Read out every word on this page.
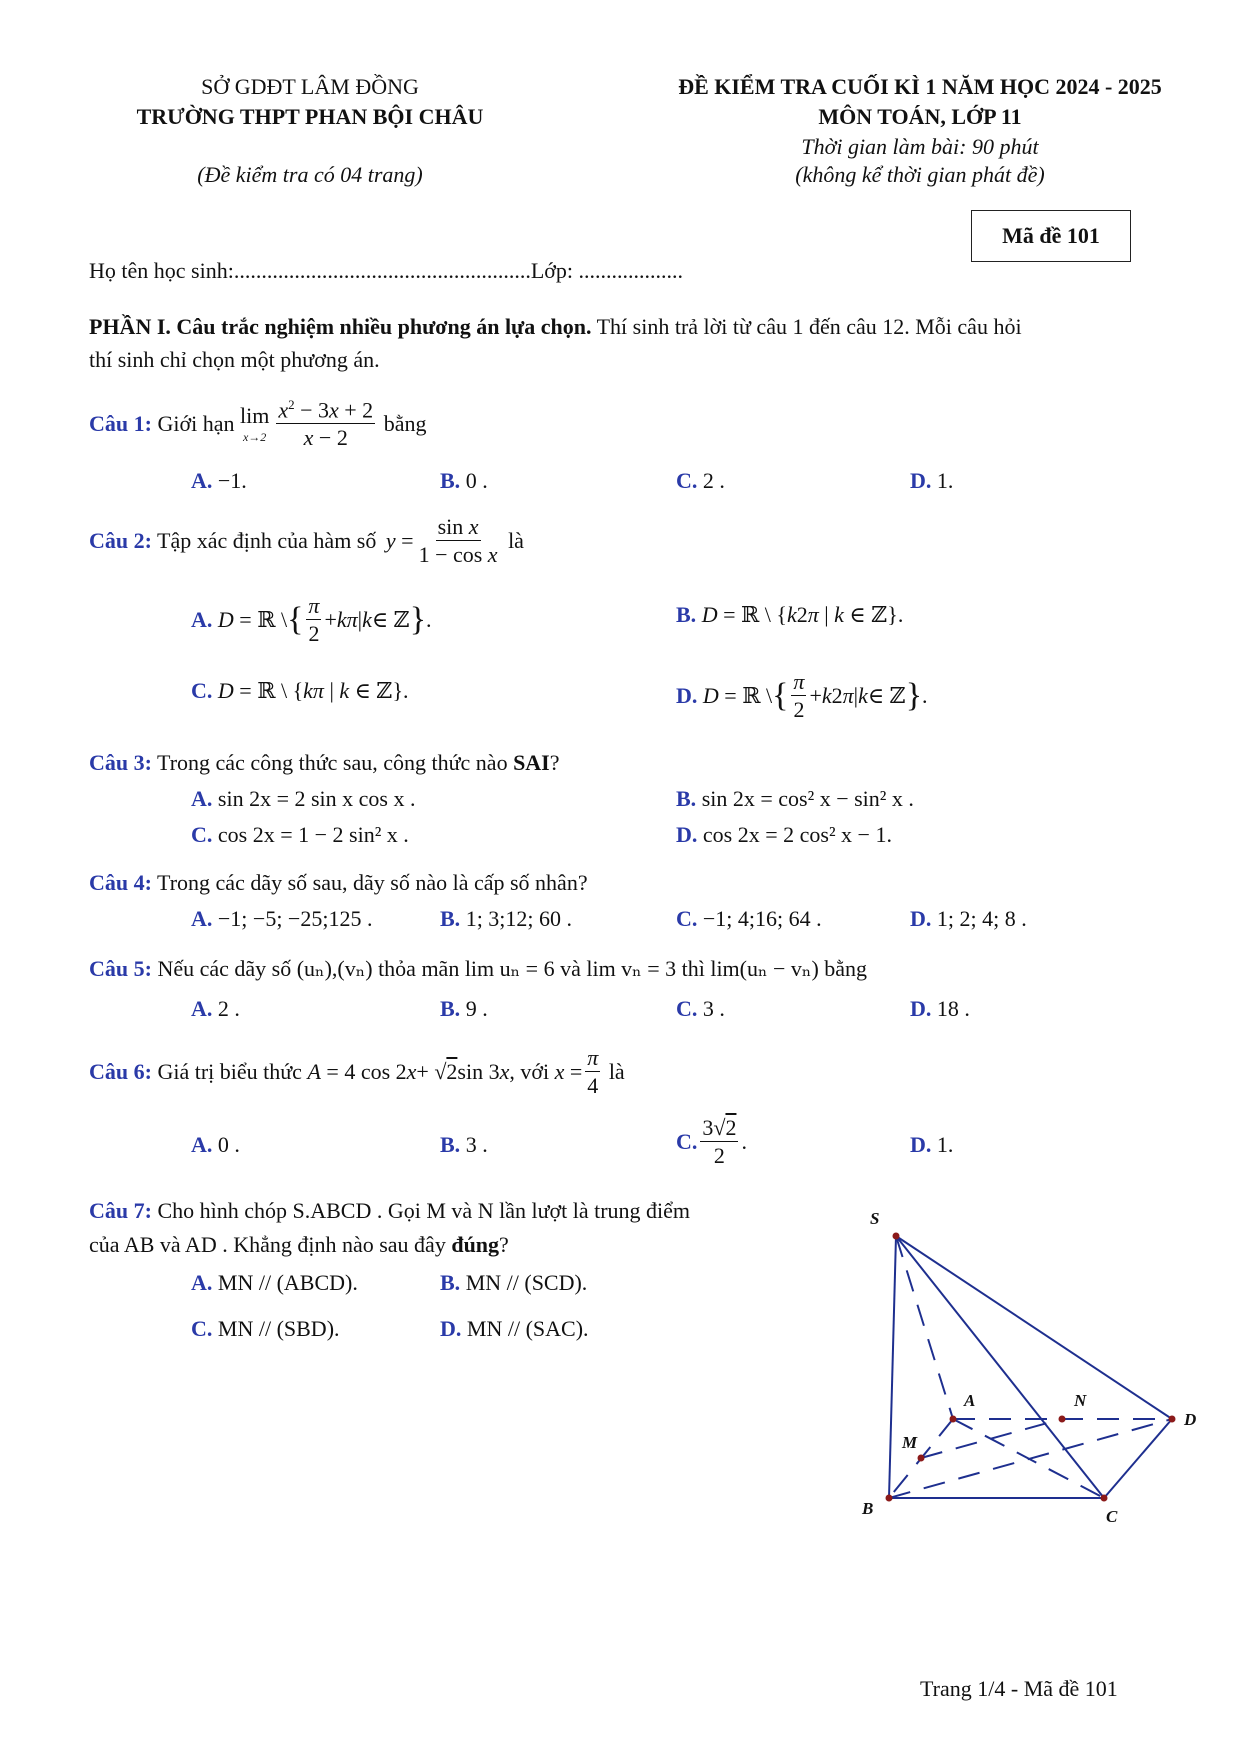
SỞ GDĐT LÂM ĐỒNG
TRƯỜNG THPT PHAN BỘI CHÂU
(Đề kiểm tra có 04 trang)
ĐỀ KIỂM TRA CUỐI KÌ 1 NĂM HỌC 2024 - 2025
MÔN TOÁN, LỚP 11
Thời gian làm bài: 90 phút
(không kể thời gian phát đề)
Mã đề 101
Họ tên học sinh:......................................................Lớp: ...................
PHẦN I. Câu trắc nghiệm nhiều phương án lựa chọn. Thí sinh trả lời từ câu 1 đến câu 12. Mỗi câu hỏi
thí sinh chỉ chọn một phương án.
Câu 1: Giới hạn lim
$x\to 2 \frac{x^2 - 3x + 2}{x - 2}$ bằng
A. −1.	B. 0 .	C. 2 .	D. 1.
Câu 2: Tập xác định của hàm số $y = \frac{\text{sin x}}{\text{1 − cos x}}$ là
A.
D = ℝ \ { $\frac{\pi}{2} + k\pi$ | k ∈ ℤ } .	B. D = ℝ \ {k2π | k ∈ ℤ}.
C. D = ℝ \ {kπ | k ∈ ℤ}.	D.
D = ℝ \ { $\frac{\pi}{2} + k$ 2 π | k ∈ ℤ } .
Câu 3: Trong các công thức sau, công thức nào SAI?
A. sin 2x = 2 sin x cos x .	B. sin 2x = cos² x − sin² x .
C. cos 2x = 1 − 2 sin² x .	D. cos 2x = 2 cos² x − 1.
Câu 4: Trong các dãy số sau, dãy số nào là cấp số nhân?
A. −1; −5; −25;125 .	B. 1; 3;12; 60 .	C. −1; 4;16; 64 .	D. 1; 2; 4; 8 .
Câu 5: Nếu các dãy số (uₙ),(vₙ) thỏa mãn lim uₙ = 6 và lim vₙ = 3 thì lim(uₙ − vₙ) bằng
A. 2 .	B. 9 .	C. 3 .	D. 18 .
Câu 6: Giá trị biểu thức A = 4 cos 2 x + √ 2 sin 3 x , với $x = \frac{\pi}{4}$ là
A. 0 .	B. 3 .	C. $\frac{3√2}{2}$ .	D. 1.
Câu 7: Cho hình chóp S.ABCD . Gọi M và N lần lượt là trung điểm
của AB và AD . Khẳng định nào sau đây đúng?
A. MN // (ABCD).	B. MN // (SCD).
C. MN // (SBD).	D. MN // (SAC).
S
A	N
D
M
B	C
Trang 1/4 - Mã đề 101
